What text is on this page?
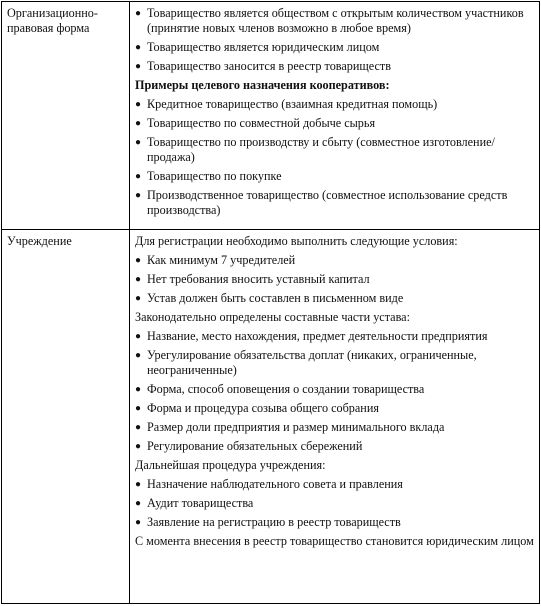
Организационно-правовая форма
● Товарищество является обществом с открытым количеством участников (принятие новых членов возможно в любое время)
● Товарищество является юридическим лицом
● Товарищество заносится в реестр товариществ
Примеры целевого назначения кооперативов:
● Кредитное товарищество (взаимная кредитная помощь)
● Товарищество по совместной добыче сырья
● Товарищество по производству и сбыту (совместное изготовление/продажа)
● Товарищество по покупке
● Производственное товарищество (совместное использование средств производства)
Учреждение	Для регистрации необходимо выполнить следующие условия:
● Как минимум 7 учредителей
● Нет требования вносить уставный капитал
● Устав должен быть составлен в письменном виде
Законодательно определены составные части устава:
● Название, место нахождения, предмет деятельности предприятия
● Урегулирование обязательства доплат (никаких, ограниченные, неограниченные)
● Форма, способ оповещения о создании товарищества
● Форма и процедура созыва общего собрания
● Размер доли предприятия и размер минимального вклада
● Регулирование обязательных сбережений
Дальнейшая процедура учреждения:
● Назначение наблюдательного совета и правления
● Аудит товарищества
● Заявление на регистрацию в реестр товариществ
С момента внесения в реестр товарищество становится юридическим лицом
